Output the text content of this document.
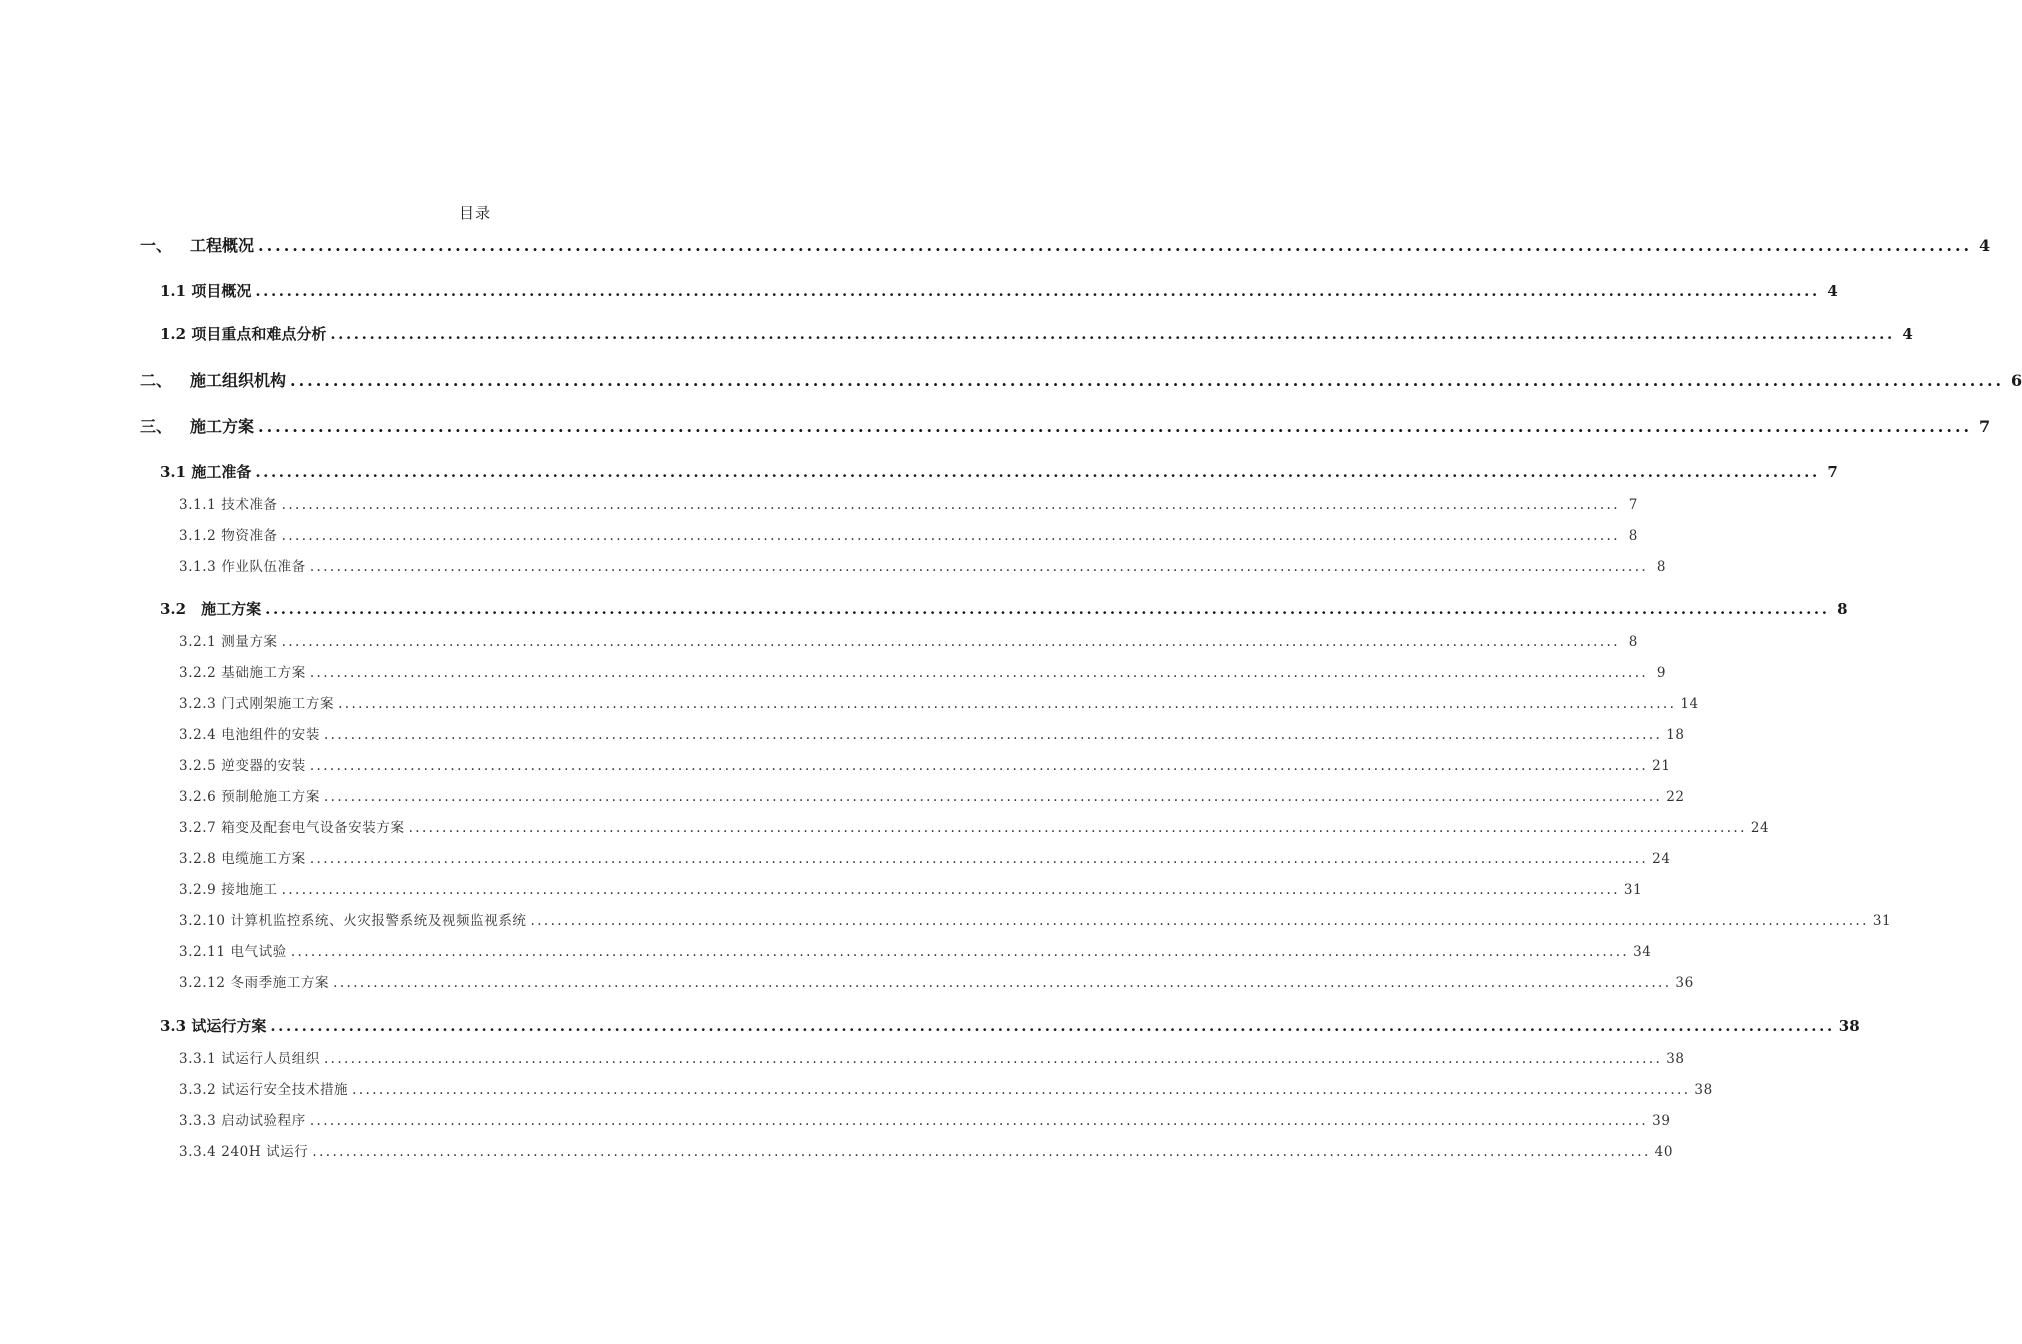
目录
一、 工程概况 ........................................................................................................................................................................................................ 4
1.1 项目概况 ........................................................................................................................................................................................................ 4
1.2 项目重点和难点分析 ........................................................................................................................................................................................................ 4
二、 施工组织机构 ........................................................................................................................................................................................................ 6
三、 施工方案 ........................................................................................................................................................................................................ 7
3.1 施工准备 ........................................................................................................................................................................................................ 7
3.1.1 技术准备 ........................................................................................................................................................................................................ 7
3.1.2 物资准备 ........................................................................................................................................................................................................ 8
3.1.3 作业队伍准备 ........................................................................................................................................................................................................ 8
3.2 施工方案 ........................................................................................................................................................................................................ 8
3.2.1 测量方案 ........................................................................................................................................................................................................ 8
3.2.2 基础施工方案 ........................................................................................................................................................................................................ 9
3.2.3 门式刚架施工方案 ........................................................................................................................................................................................................ 14
3.2.4 电池组件的安装 ........................................................................................................................................................................................................ 18
3.2.5 逆变器的安装 ........................................................................................................................................................................................................ 21
3.2.6 预制舱施工方案 ........................................................................................................................................................................................................ 22
3.2.7 箱变及配套电气设备安装方案 ........................................................................................................................................................................................................ 24
3.2.8 电缆施工方案 ........................................................................................................................................................................................................ 24
3.2.9 接地施工 ........................................................................................................................................................................................................ 31
3.2.10 计算机监控系统、火灾报警系统及视频监视系统 ........................................................................................................................................................................................................ 31
3.2.11 电气试验 ........................................................................................................................................................................................................ 34
3.2.12 冬雨季施工方案 ........................................................................................................................................................................................................ 36
3.3 试运行方案 ........................................................................................................................................................................................................ 38
3.3.1 试运行人员组织 ........................................................................................................................................................................................................ 38
3.3.2 试运行安全技术措施 ........................................................................................................................................................................................................ 38
3.3.3 启动试验程序 ........................................................................................................................................................................................................ 39
3.3.4 240H 试运行 ........................................................................................................................................................................................................ 40
